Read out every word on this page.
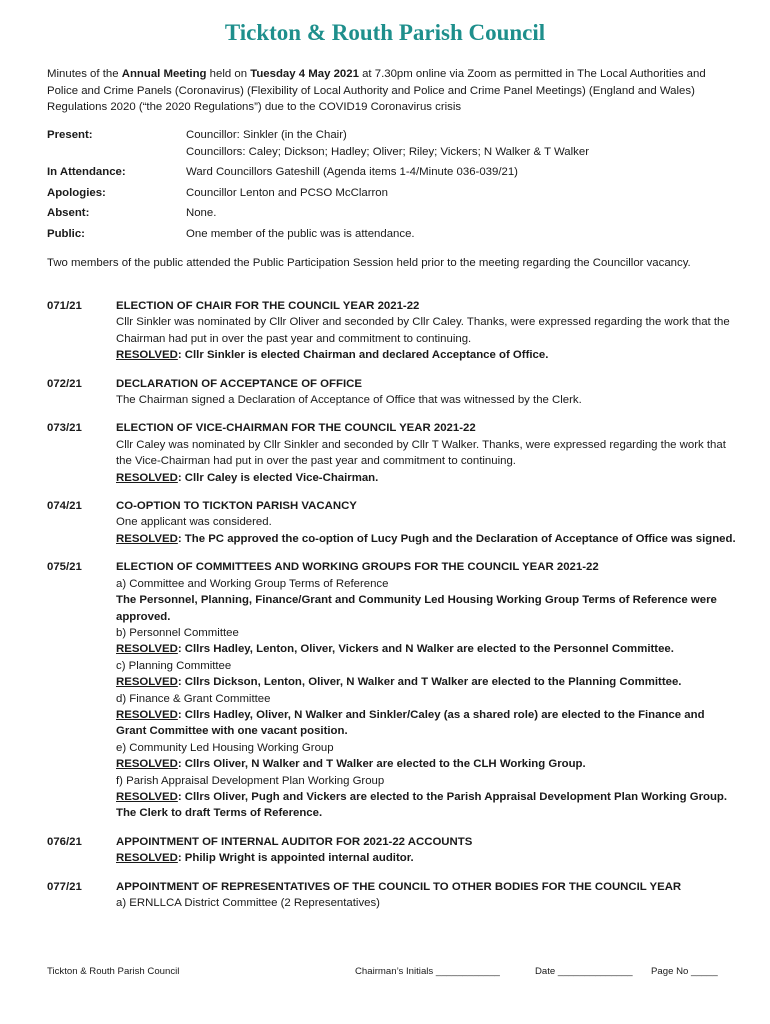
Tickton & Routh Parish Council
Minutes of the Annual Meeting held on Tuesday 4 May 2021 at 7.30pm online via Zoom as permitted in The Local Authorities and Police and Crime Panels (Coronavirus) (Flexibility of Local Authority and Police and Crime Panel Meetings) (England and Wales) Regulations 2020 (“the 2020 Regulations”) due to the COVID19 Coronavirus crisis
Present:	Councillor: Sinkler (in the Chair)
Councillors: Caley; Dickson; Hadley; Oliver; Riley; Vickers; N Walker & T Walker
In Attendance:	Ward Councillors Gateshill (Agenda items 1-4/Minute 036-039/21)
Apologies:	Councillor Lenton and PCSO McClarron
Absent:	None.
Public:	One member of the public was is attendance.
Two members of the public attended the Public Participation Session held prior to the meeting regarding the Councillor vacancy.
071/21	ELECTION OF CHAIR FOR THE COUNCIL YEAR 2021-22
Cllr Sinkler was nominated by Cllr Oliver and seconded by Cllr Caley. Thanks, were expressed regarding the work that the Chairman had put in over the past year and commitment to continuing.
RESOLVED: Cllr Sinkler is elected Chairman and declared Acceptance of Office.
072/21	DECLARATION OF ACCEPTANCE OF OFFICE
The Chairman signed a Declaration of Acceptance of Office that was witnessed by the Clerk.
073/21	ELECTION OF VICE-CHAIRMAN FOR THE COUNCIL YEAR 2021-22
Cllr Caley was nominated by Cllr Sinkler and seconded by Cllr T Walker. Thanks, were expressed regarding the work that the Vice-Chairman had put in over the past year and commitment to continuing.
RESOLVED: Cllr Caley is elected Vice-Chairman.
074/21	CO-OPTION TO TICKTON PARISH VACANCY
One applicant was considered.
RESOLVED: The PC approved the co-option of Lucy Pugh and the Declaration of Acceptance of Office was signed.
075/21	ELECTION OF COMMITTEES AND WORKING GROUPS FOR THE COUNCIL YEAR 2021-22
a) Committee and Working Group Terms of Reference
The Personnel, Planning, Finance/Grant and Community Led Housing Working Group Terms of Reference were approved.
b) Personnel Committee
RESOLVED: Cllrs Hadley, Lenton, Oliver, Vickers and N Walker are elected to the Personnel Committee.
c) Planning Committee
RESOLVED: Cllrs Dickson, Lenton, Oliver, N Walker and T Walker are elected to the Planning Committee.
d) Finance & Grant Committee
RESOLVED: Cllrs Hadley, Oliver, N Walker and Sinkler/Caley (as a shared role) are elected to the Finance and Grant Committee with one vacant position.
e) Community Led Housing Working Group
RESOLVED: Cllrs Oliver, N Walker and T Walker are elected to the CLH Working Group.
f) Parish Appraisal Development Plan Working Group
RESOLVED: Cllrs Oliver, Pugh and Vickers are elected to the Parish Appraisal Development Plan Working Group. The Clerk to draft Terms of Reference.
076/21	APPOINTMENT OF INTERNAL AUDITOR FOR 2021-22 ACCOUNTS
RESOLVED: Philip Wright is appointed internal auditor.
077/21	APPOINTMENT OF REPRESENTATIVES OF THE COUNCIL TO OTHER BODIES FOR THE COUNCIL YEAR
a) ERNLLCA District Committee (2 Representatives)
Tickton & Routh Parish Council	Chairman’s Initials ____________	Date ______________ Page No _____
